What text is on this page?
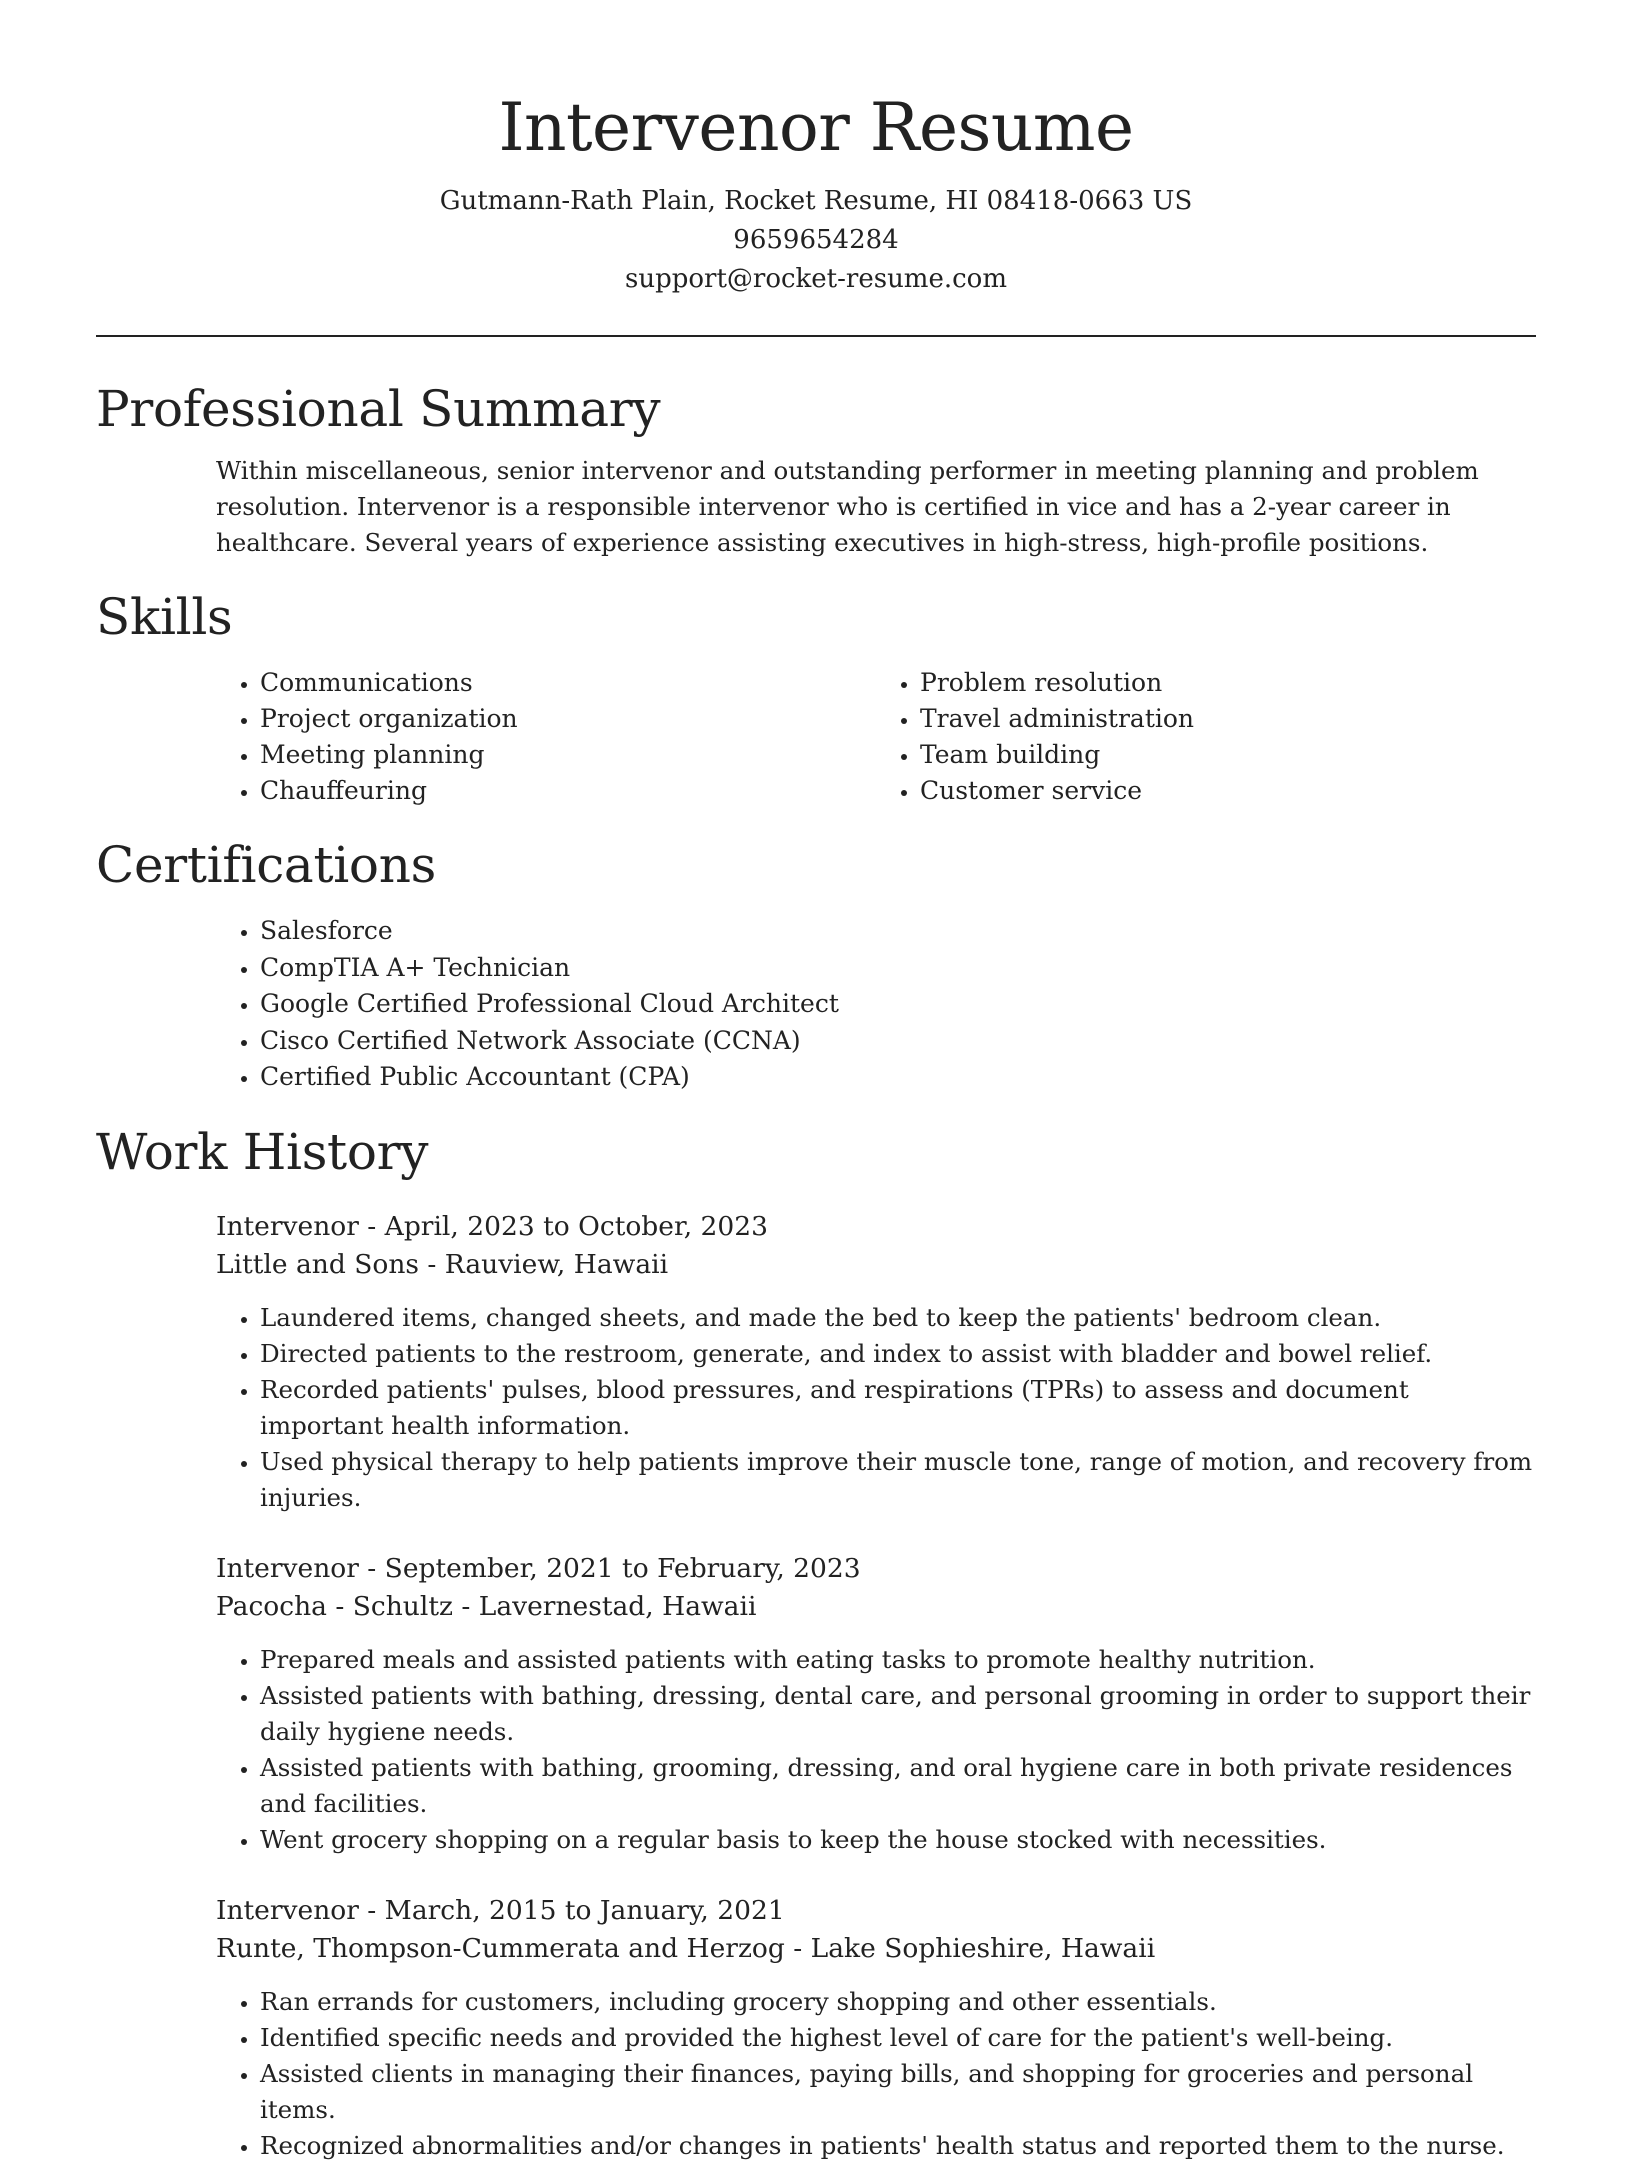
Intervenor Resume
Gutmann-Rath Plain, Rocket Resume, HI 08418-0663 US
9659654284
support@rocket-resume.com
Professional Summary
Within miscellaneous, senior intervenor and outstanding performer in meeting planning and problem resolution. Intervenor is a responsible intervenor who is certified in vice and has a 2-year career in healthcare. Several years of experience assisting executives in high-stress, high-profile positions.
Skills
• Communications
• Project organization
• Meeting planning
• Chauffeuring
• Problem resolution
• Travel administration
• Team building
• Customer service
Certifications
• Salesforce
• CompTIA A+ Technician
• Google Certified Professional Cloud Architect
• Cisco Certified Network Associate (CCNA)
• Certified Public Accountant (CPA)
Work History
Intervenor - April, 2023 to October, 2023
Little and Sons - Rauview, Hawaii
• Laundered items, changed sheets, and made the bed to keep the patients' bedroom clean.
• Directed patients to the restroom, generate, and index to assist with bladder and bowel relief.
• Recorded patients' pulses, blood pressures, and respirations (TPRs) to assess and document important health information.
• Used physical therapy to help patients improve their muscle tone, range of motion, and recovery from injuries.
Intervenor - September, 2021 to February, 2023
Pacocha - Schultz - Lavernestad, Hawaii
• Prepared meals and assisted patients with eating tasks to promote healthy nutrition.
• Assisted patients with bathing, dressing, dental care, and personal grooming in order to support their daily hygiene needs.
• Assisted patients with bathing, grooming, dressing, and oral hygiene care in both private residences and facilities.
• Went grocery shopping on a regular basis to keep the house stocked with necessities.
Intervenor - March, 2015 to January, 2021
Runte, Thompson-Cummerata and Herzog - Lake Sophieshire, Hawaii
• Ran errands for customers, including grocery shopping and other essentials.
• Identified specific needs and provided the highest level of care for the patient's well-being.
• Assisted clients in managing their finances, paying bills, and shopping for groceries and personal items.
• Recognized abnormalities and/or changes in patients' health status and reported them to the nurse.
